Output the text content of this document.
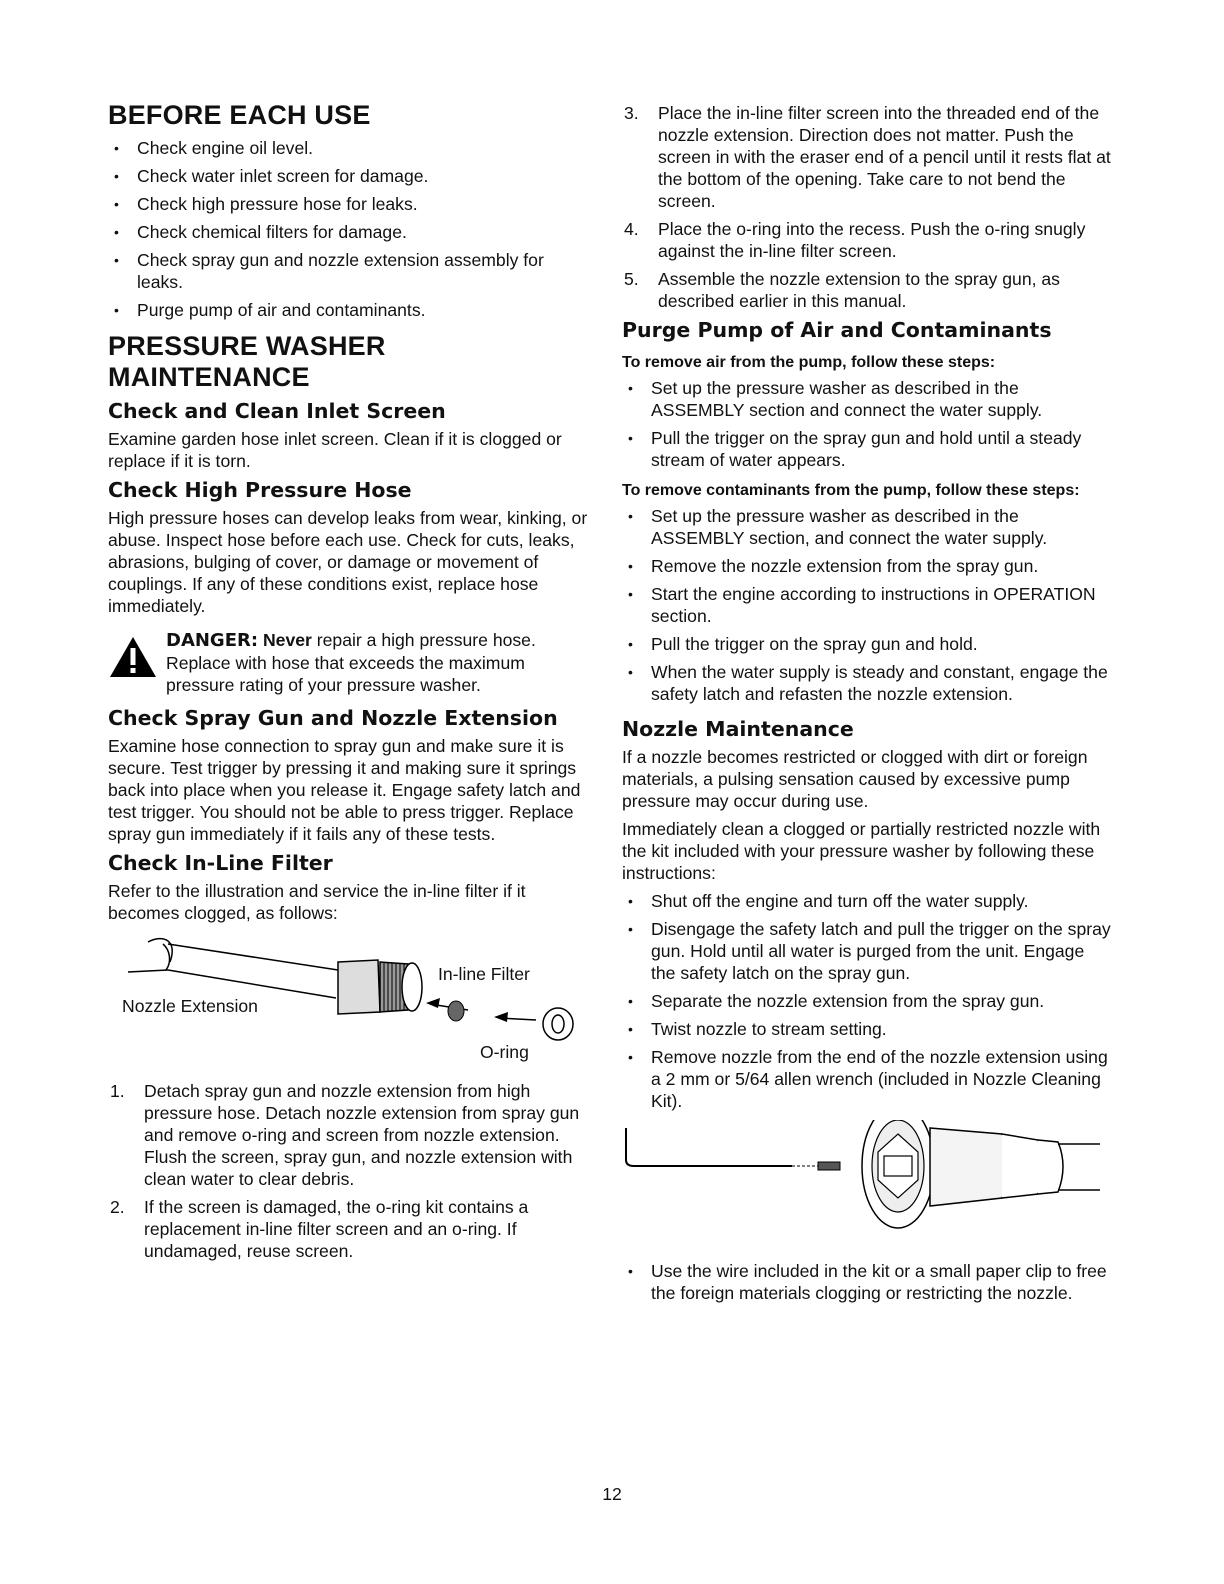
BEFORE EACH USE
• Check engine oil level.
• Check water inlet screen for damage.
• Check high pressure hose for leaks.
• Check chemical filters for damage.
• Check spray gun and nozzle extension assembly for leaks.
• Purge pump of air and contaminants.
PRESSURE WASHER MAINTENANCE
Check and Clean Inlet Screen

Examine garden hose inlet screen. Clean if it is clogged or replace if it is torn.

Check High Pressure Hose

High pressure hoses can develop leaks from wear, kinking, or abuse. Inspect hose before each use. Check for cuts, leaks, abrasions, bulging of cover, or damage or movement of couplings. If any of these conditions exist, replace hose immediately.

DANGER: Never repair a high pressure hose. Replace with hose that exceeds the maximum pressure rating of your pressure washer.

Check Spray Gun and Nozzle Extension

Examine hose connection to spray gun and make sure it is secure. Test trigger by pressing it and making sure it springs back into place when you release it. Engage safety latch and test trigger. You should not be able to press trigger. Replace spray gun immediately if it fails any of these tests.

Check In-Line Filter

Refer to the illustration and service the in-line filter if it becomes clogged, as follows:

In-line Filter
Nozzle Extension
O-ring
1. Detach spray gun and nozzle extension from high pressure hose. Detach nozzle extension from spray gun and remove o-ring and screen from nozzle extension. Flush the screen, spray gun, and nozzle extension with clean water to clear debris.
2. If the screen is damaged, the o-ring kit contains a replacement in-line filter screen and an o-ring. If undamaged, reuse screen.
3. Place the in-line filter screen into the threaded end of the nozzle extension. Direction does not matter. Push the screen in with the eraser end of a pencil until it rests flat at the bottom of the opening. Take care to not bend the screen.
4. Place the o-ring into the recess. Push the o-ring snugly against the in-line filter screen.
5. Assemble the nozzle extension to the spray gun, as described earlier in this manual.
Purge Pump of Air and Contaminants
To remove air from the pump, follow these steps:
• Set up the pressure washer as described in the ASSEMBLY section and connect the water supply.
• Pull the trigger on the spray gun and hold until a steady stream of water appears.
To remove contaminants from the pump, follow these steps:
• Set up the pressure washer as described in the ASSEMBLY section, and connect the water supply.
• Remove the nozzle extension from the spray gun.
• Start the engine according to instructions in OPERATION section.
• Pull the trigger on the spray gun and hold.
• When the water supply is steady and constant, engage the safety latch and refasten the nozzle extension.
Nozzle Maintenance

If a nozzle becomes restricted or clogged with dirt or foreign materials, a pulsing sensation caused by excessive pump pressure may occur during use.

Immediately clean a clogged or partially restricted nozzle with the kit included with your pressure washer by following these instructions:

• Shut off the engine and turn off the water supply.
• Disengage the safety latch and pull the trigger on the spray gun. Hold until all water is purged from the unit. Engage the safety latch on the spray gun.
• Separate the nozzle extension from the spray gun.
• Twist nozzle to stream setting.
• Remove nozzle from the end of the nozzle extension using a 2 mm or 5/64 allen wrench (included in Nozzle Cleaning Kit).
• Use the wire included in the kit or a small paper clip to free the foreign materials clogging or restricting the nozzle.
12
